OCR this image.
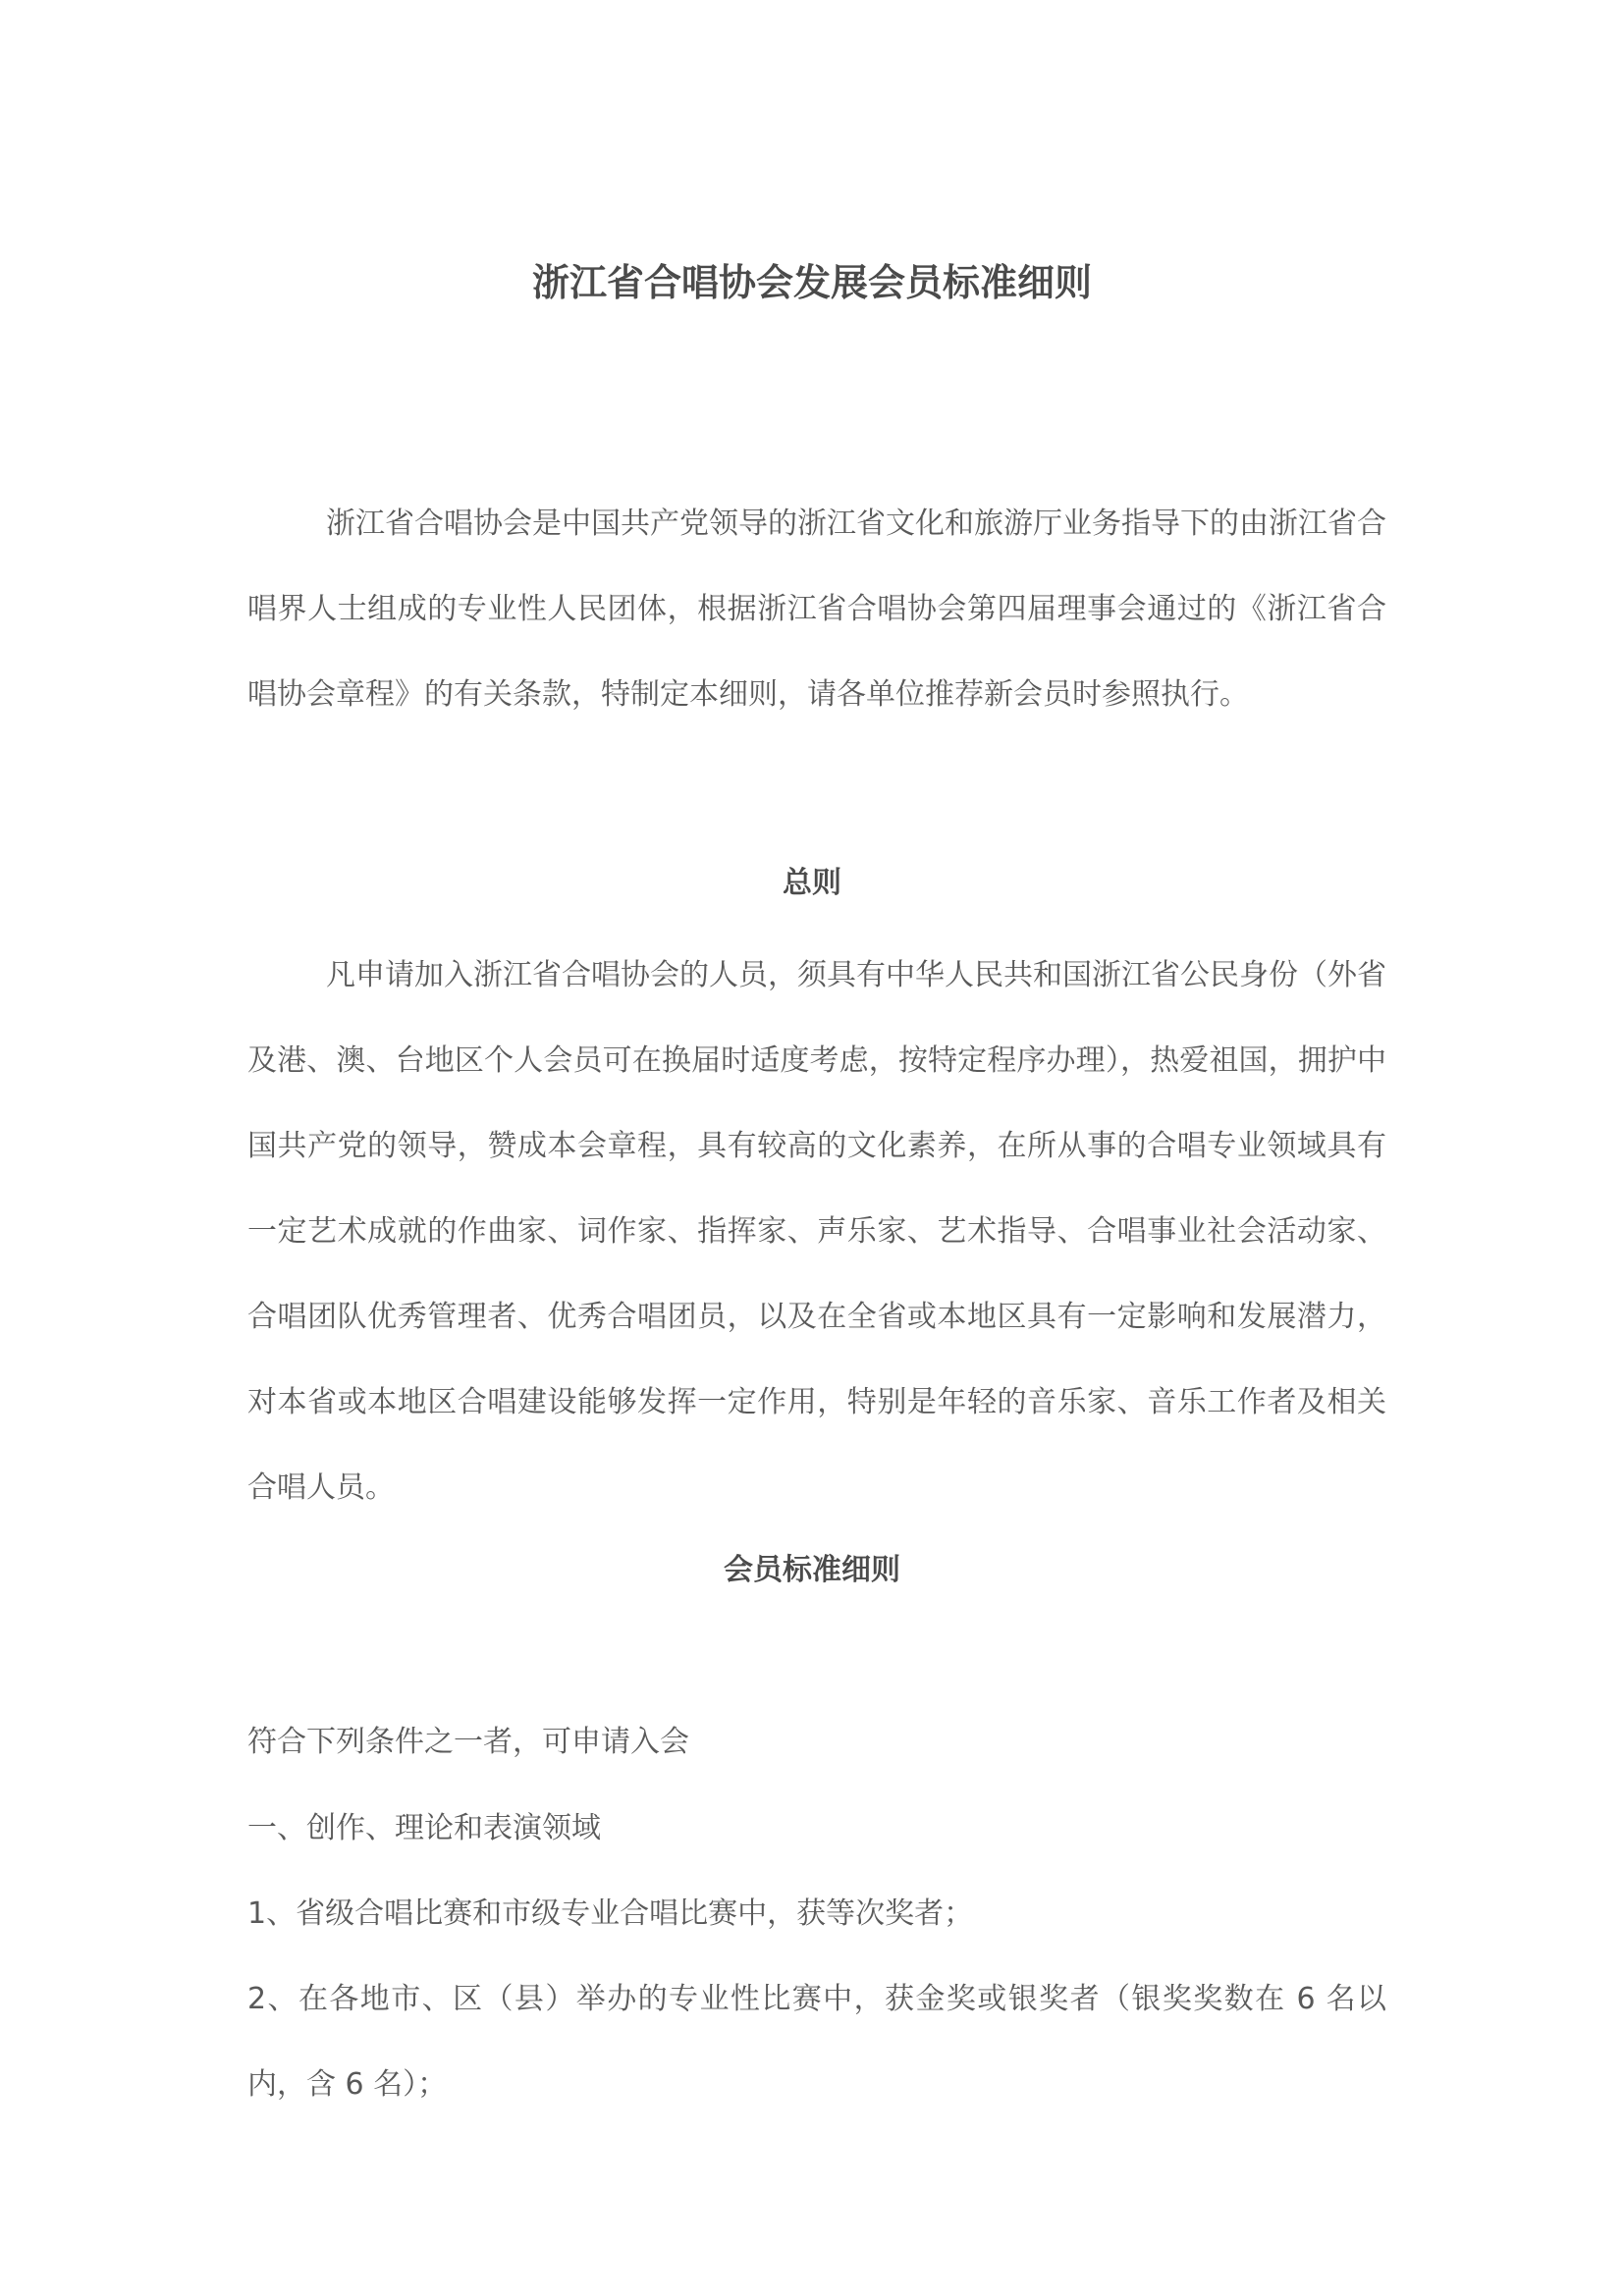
浙江省合唱协会发展会员标准细则

浙江省合唱协会是中国共产党领导的浙江省文化和旅游厅业务指导下的由浙江省合唱界人士组成的专业性人民团体，根据浙江省合唱协会第四届理事会通过的《浙江省合唱协会章程》的有关条款，特制定本细则，请各单位推荐新会员时参照执行。

总则

凡申请加入浙江省合唱协会的人员，须具有中华人民共和国浙江省公民身份（外省及港、澳、台地区个人会员可在换届时适度考虑，按特定程序办理），热爱祖国，拥护中国共产党的领导，赞成本会章程，具有较高的文化素养，在所从事的合唱专业领域具有一定艺术成就的作曲家、词作家、指挥家、声乐家、艺术指导、合唱事业社会活动家、合唱团队优秀管理者、优秀合唱团员，以及在全省或本地区具有一定影响和发展潜力，对本省或本地区合唱建设能够发挥一定作用，特别是年轻的音乐家、音乐工作者及相关合唱人员。

会员标准细则

符合下列条件之一者，可申请入会

一、创作、理论和表演领域

1、省级合唱比赛和市级专业合唱比赛中，获等次奖者；

2、在各地市、区（县）举办的专业性比赛中，获金奖或银奖者（银奖奖数在 6 名以内，含 6 名）；
